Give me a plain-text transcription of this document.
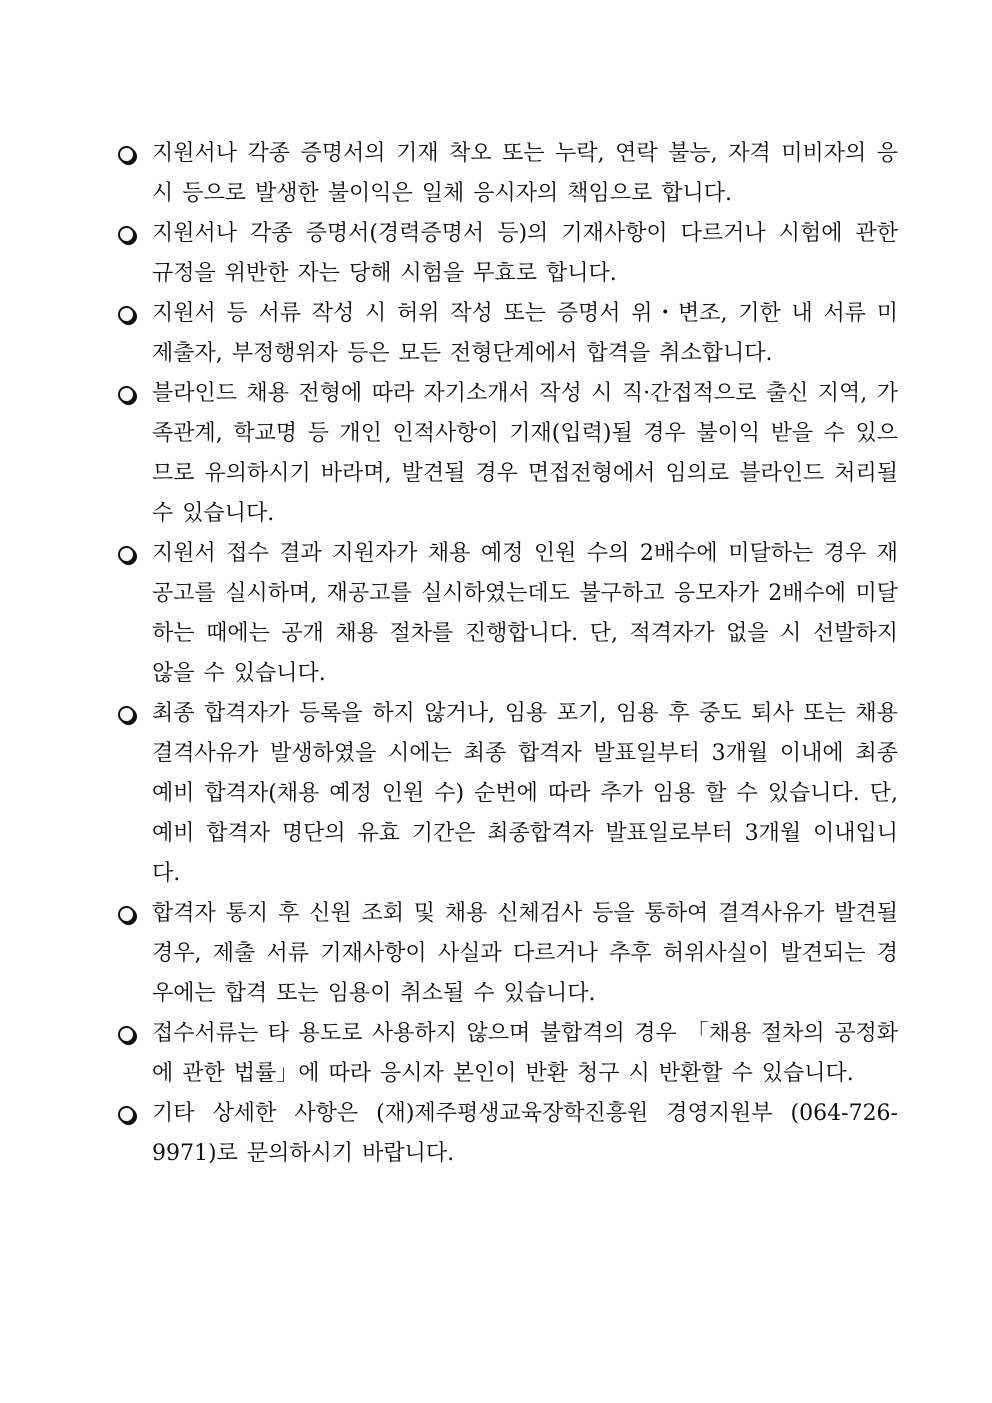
지원서나 각종 증명서의 기재 착오 또는 누락, 연락 불능, 자격 미비자의 응시 등으로 발생한 불이익은 일체 응시자의 책임으로 합니다.
지원서나 각종 증명서(경력증명서 등)의 기재사항이 다르거나 시험에 관한 규정을 위반한 자는 당해 시험을 무효로 합니다.
지원서 등 서류 작성 시 허위 작성 또는 증명서 위・변조, 기한 내 서류 미 제출자, 부정행위자 등은 모든 전형단계에서 합격을 취소합니다.
블라인드 채용 전형에 따라 자기소개서 작성 시 직·간접적으로 출신 지역, 가족관계, 학교명 등 개인 인적사항이 기재(입력)될 경우 불이익 받을 수 있으므로 유의하시기 바라며, 발견될 경우 면접전형에서 임의로 블라인드 처리될 수 있습니다.
지원서 접수 결과 지원자가 채용 예정 인원 수의 2배수에 미달하는 경우 재공고를 실시하며, 재공고를 실시하였는데도 불구하고 응모자가 2배수에 미달하는 때에는 공개 채용 절차를 진행합니다. 단, 적격자가 없을 시 선발하지 않을 수 있습니다.
최종 합격자가 등록을 하지 않거나, 임용 포기, 임용 후 중도 퇴사 또는 채용 결격사유가 발생하였을 시에는 최종 합격자 발표일부터 3개월 이내에 최종 예비 합격자(채용 예정 인원 수) 순번에 따라 추가 임용 할 수 있습니다. 단, 예비 합격자 명단의 유효 기간은 최종합격자 발표일로부터 3개월 이내입니다.
합격자 통지 후 신원 조회 및 채용 신체검사 등을 통하여 결격사유가 발견될 경우, 제출 서류 기재사항이 사실과 다르거나 추후 허위사실이 발견되는 경우에는 합격 또는 임용이 취소될 수 있습니다.
접수서류는 타 용도로 사용하지 않으며 불합격의 경우 「채용 절차의 공정화에 관한 법률」에 따라 응시자 본인이 반환 청구 시 반환할 수 있습니다.
기타 상세한 사항은 (재)제주평생교육장학진흥원 경영지원부 (064-726-9971)로 문의하시기 바랍니다.
